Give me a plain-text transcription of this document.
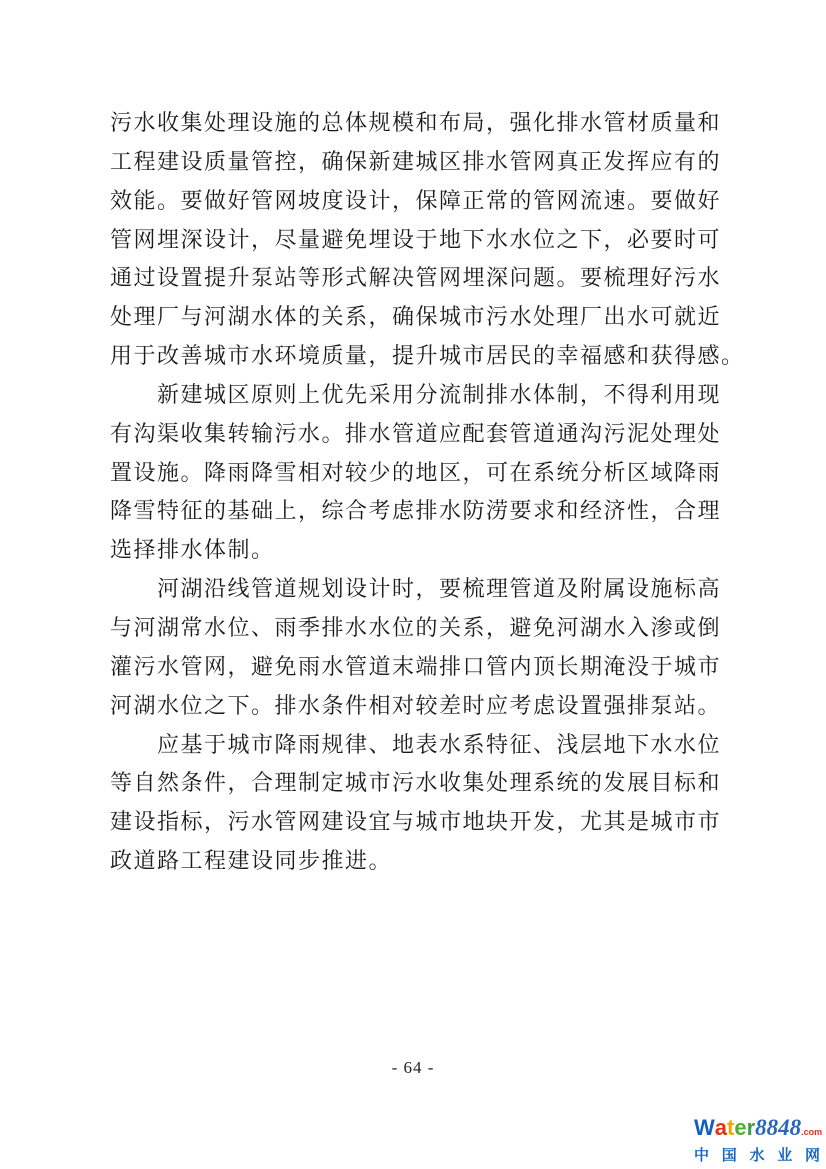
污水收集处理设施的总体规模和布局，强化排水管材质量和
工程建设质量管控，确保新建城区排水管网真正发挥应有的
效能。要做好管网坡度设计，保障正常的管网流速。要做好
管网埋深设计，尽量避免埋设于地下水水位之下，必要时可
通过设置提升泵站等形式解决管网埋深问题。要梳理好污水
处理厂与河湖水体的关系，确保城市污水处理厂出水可就近
用于改善城市水环境质量，提升城市居民的幸福感和获得感。
新建城区原则上优先采用分流制排水体制，不得利用现
有沟渠收集转输污水。排水管道应配套管道通沟污泥处理处
置设施。降雨降雪相对较少的地区，可在系统分析区域降雨
降雪特征的基础上，综合考虑排水防涝要求和经济性，合理
选择排水体制。
河湖沿线管道规划设计时，要梳理管道及附属设施标高
与河湖常水位、雨季排水水位的关系，避免河湖水入渗或倒
灌污水管网，避免雨水管道末端排口管内顶长期淹没于城市
河湖水位之下。排水条件相对较差时应考虑设置强排泵站。
应基于城市降雨规律、地表水系特征、浅层地下水水位
等自然条件，合理制定城市污水收集处理系统的发展目标和
建设指标，污水管网建设宜与城市地块开发，尤其是城市市
政道路工程建设同步推进。
- 64 -
Water8848.com
中 国 水 业 网
